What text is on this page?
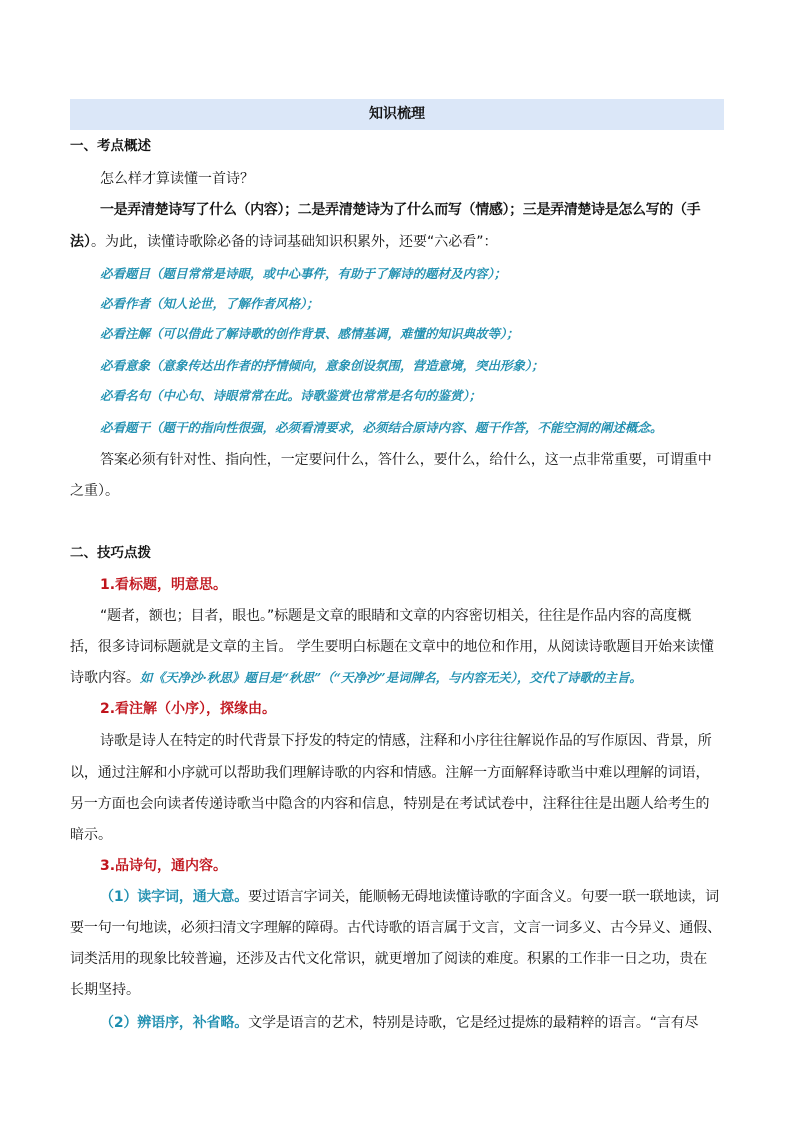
知识梳理
一、考点概述
怎么样才算读懂一首诗？
一是弄清楚诗写了什么（内容）；二是弄清楚诗为了什么而写（情感）；三是弄清楚诗是怎么写的（手
法）。为此，读懂诗歌除必备的诗词基础知识积累外，还要“六必看”：
必看题目（题目常常是诗眼，或中心事件，有助于了解诗的题材及内容）；
必看作者（知人论世，了解作者风格）；
必看注解（可以借此了解诗歌的创作背景、感情基调，难懂的知识典故等）；
必看意象（意象传达出作者的抒情倾向，意象创设氛围，营造意境，突出形象）；
必看名句（中心句、诗眼常常在此。诗歌鉴赏也常常是名句的鉴赏）；
必看题干（题干的指向性很强，必须看清要求，必须结合原诗内容、题干作答，不能空洞的阐述概念。
答案必须有针对性、指向性，一定要问什么，答什么，要什么，给什么，这一点非常重要，可谓重中
之重）。
二、技巧点拨
1.看标题，明意思。
“题者，额也；目者，眼也。”标题是文章的眼睛和文章的内容密切相关，往往是作品内容的高度概
括，很多诗词标题就是文章的主旨。 学生要明白标题在文章中的地位和作用，从阅读诗歌题目开始来读懂
诗歌内容。如《天净沙·秋思》题目是“秋思”（“天净沙”是词牌名，与内容无关），交代了诗歌的主旨。
2.看注解（小序），探缘由。
诗歌是诗人在特定的时代背景下抒发的特定的情感，注释和小序往往解说作品的写作原因、背景，所
以，通过注解和小序就可以帮助我们理解诗歌的内容和情感。注解一方面解释诗歌当中难以理解的词语，
另一方面也会向读者传递诗歌当中隐含的内容和信息，特别是在考试试卷中，注释往往是出题人给考生的
暗示。
3.品诗句，通内容。
（1）读字词，通大意。要过语言字词关，能顺畅无碍地读懂诗歌的字面含义。句要一联一联地读，词
要一句一句地读，必须扫清文字理解的障碍。古代诗歌的语言属于文言，文言一词多义、古今异义、通假、
词类活用的现象比较普遍，还涉及古代文化常识，就更增加了阅读的难度。积累的工作非一日之功，贵在
长期坚持。
（2）辨语序，补省略。文学是语言的艺术，特别是诗歌，它是经过提炼的最精粹的语言。“言有尽
